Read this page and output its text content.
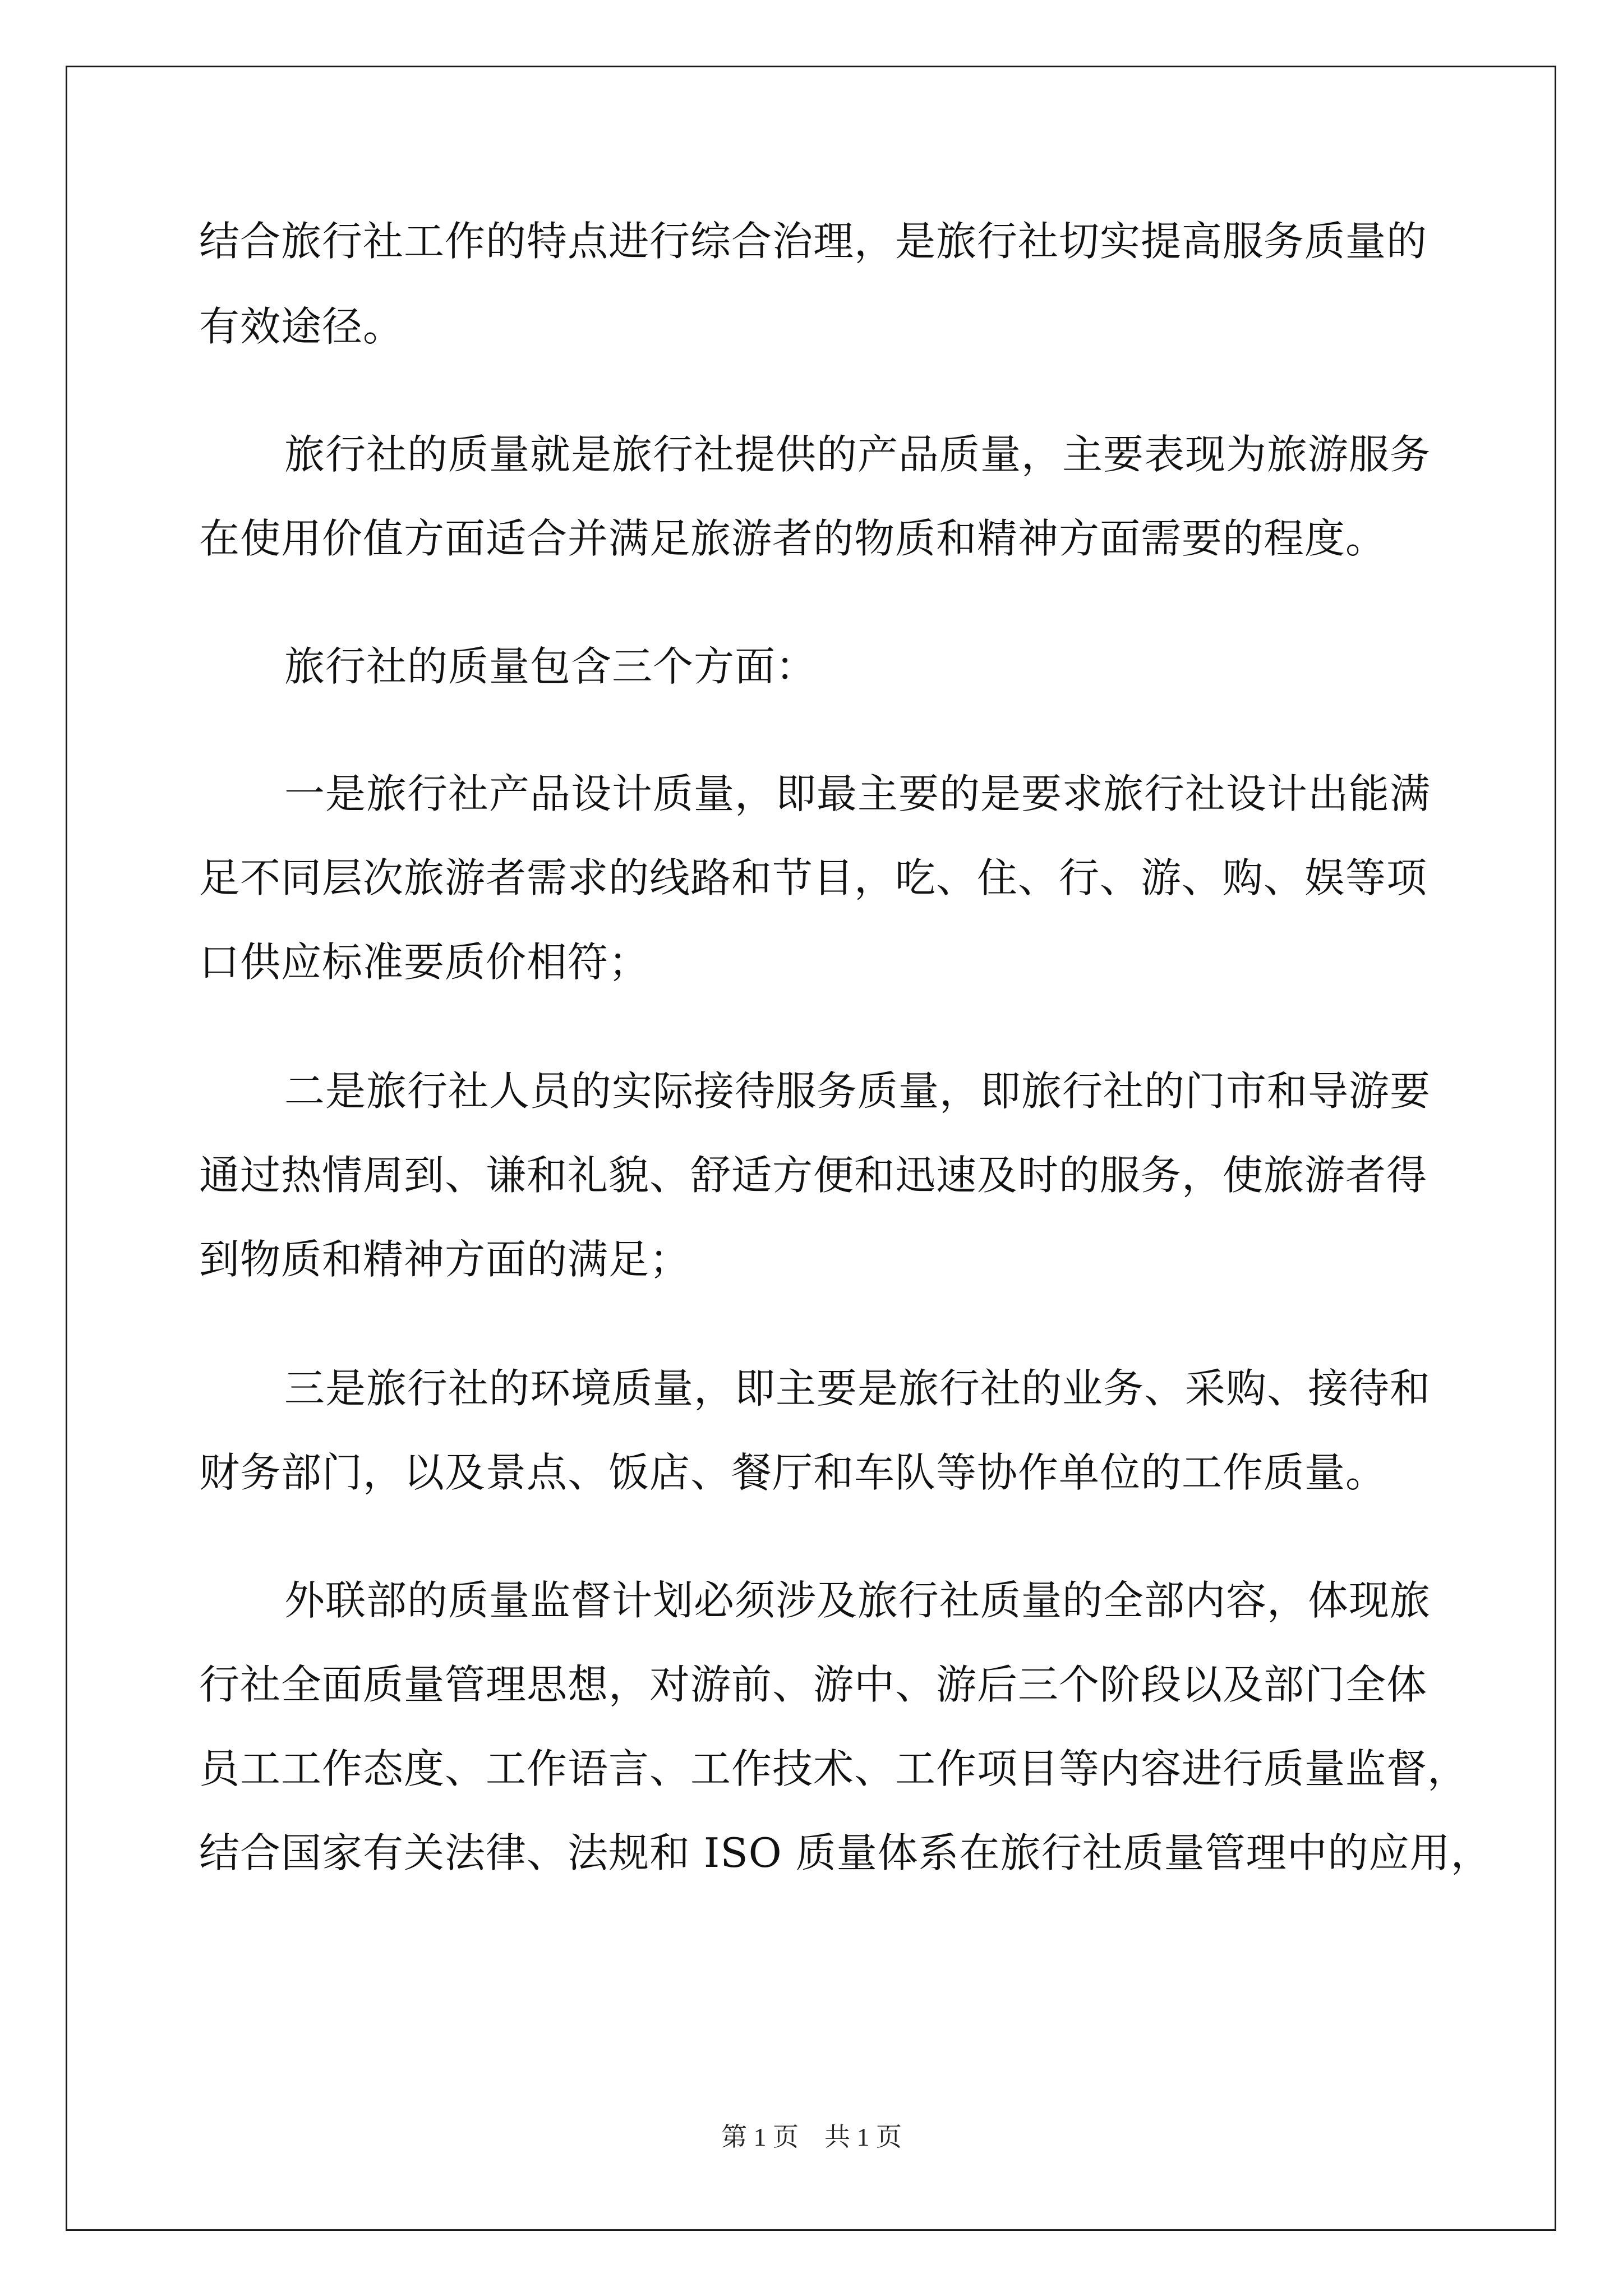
结合旅行社工作的特点进行综合治理，是旅行社切实提高服务质量的
有效途径。
旅行社的质量就是旅行社提供的产品质量，主要表现为旅游服务
在使用价值方面适合并满足旅游者的物质和精神方面需要的程度。
旅行社的质量包含三个方面：
一是旅行社产品设计质量，即最主要的是要求旅行社设计出能满
足不同层次旅游者需求的线路和节目，吃、住、行、游、购、娱等项
口供应标准要质价相符；
二是旅行社人员的实际接待服务质量，即旅行社的门市和导游要
通过热情周到、谦和礼貌、舒适方便和迅速及时的服务，使旅游者得
到物质和精神方面的满足；
三是旅行社的环境质量，即主要是旅行社的业务、采购、接待和
财务部门，以及景点、饭店、餐厅和车队等协作单位的工作质量。
外联部的质量监督计划必须涉及旅行社质量的全部内容，体现旅
行社全面质量管理思想，对游前、游中、游后三个阶段以及部门全体
员工工作态度、工作语言、工作技术、工作项目等内容进行质量监督，
结合国家有关法律、法规和 ISO 质量体系在旅行社质量管理中的应用，
第 1 页 共 1 页
